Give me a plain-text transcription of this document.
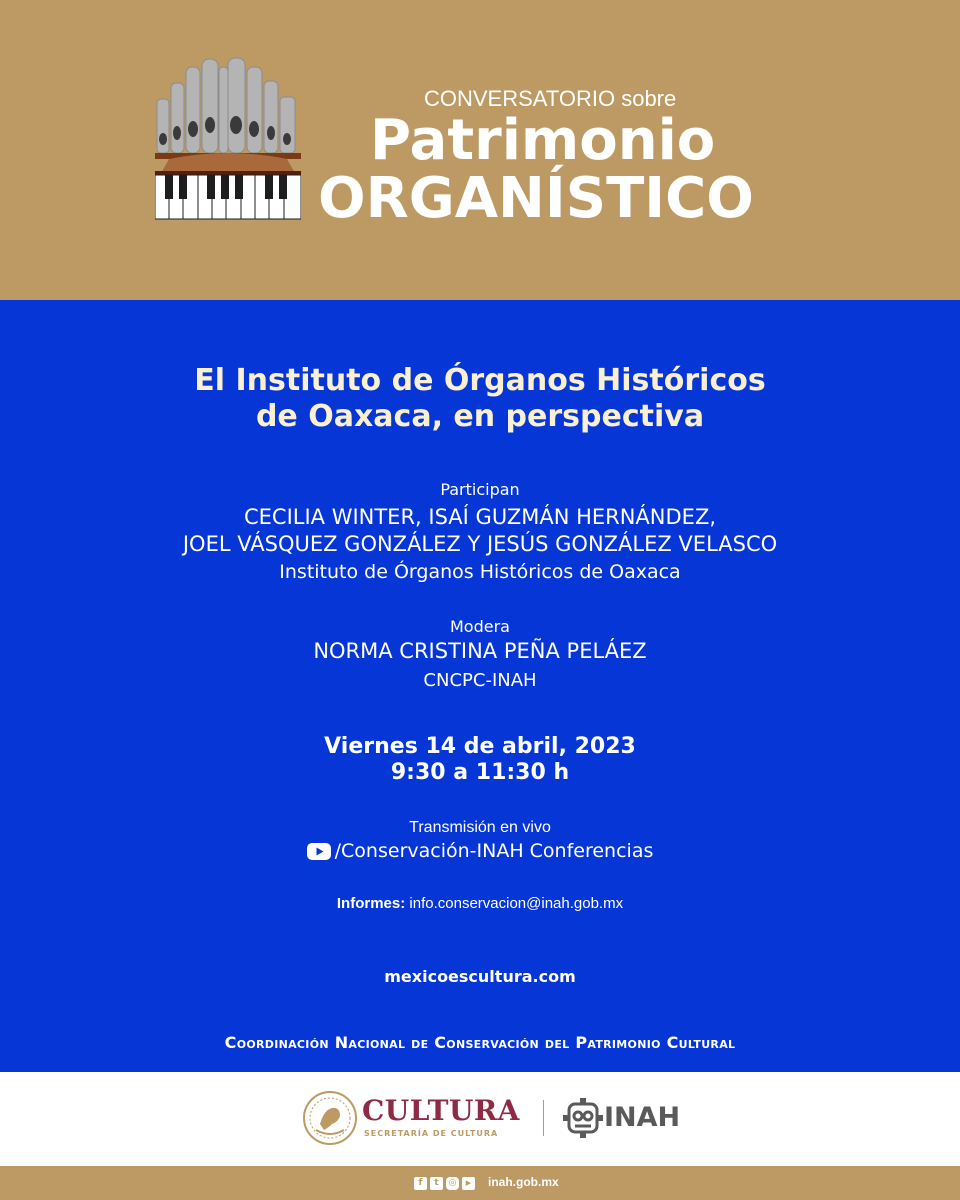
CONVERSATORIO sobre
Patrimonio
ORGANÍSTICO
El Instituto de Órganos Históricos
de Oaxaca, en perspectiva
Participan
CECILIA WINTER, ISAÍ GUZMÁN HERNÁNDEZ,
JOEL VÁSQUEZ GONZÁLEZ Y JESÚS GONZÁLEZ VELASCO
Instituto de Órganos Históricos de Oaxaca
Modera
NORMA CRISTINA PEÑA PELÁEZ
CNCPC-INAH
Viernes 14 de abril, 2023
9:30 a 11:30 h
Transmisión en vivo
/Conservación-INAH Conferencias
Informes: info.conservacion@inah.gob.mx
mexicoescultura.com
Coordinación Nacional de Conservación del Patrimonio Cultural
CULTURA
SECRETARÍA DE CULTURA
INAH
f	t	◎	▶	inah.gob.mx
